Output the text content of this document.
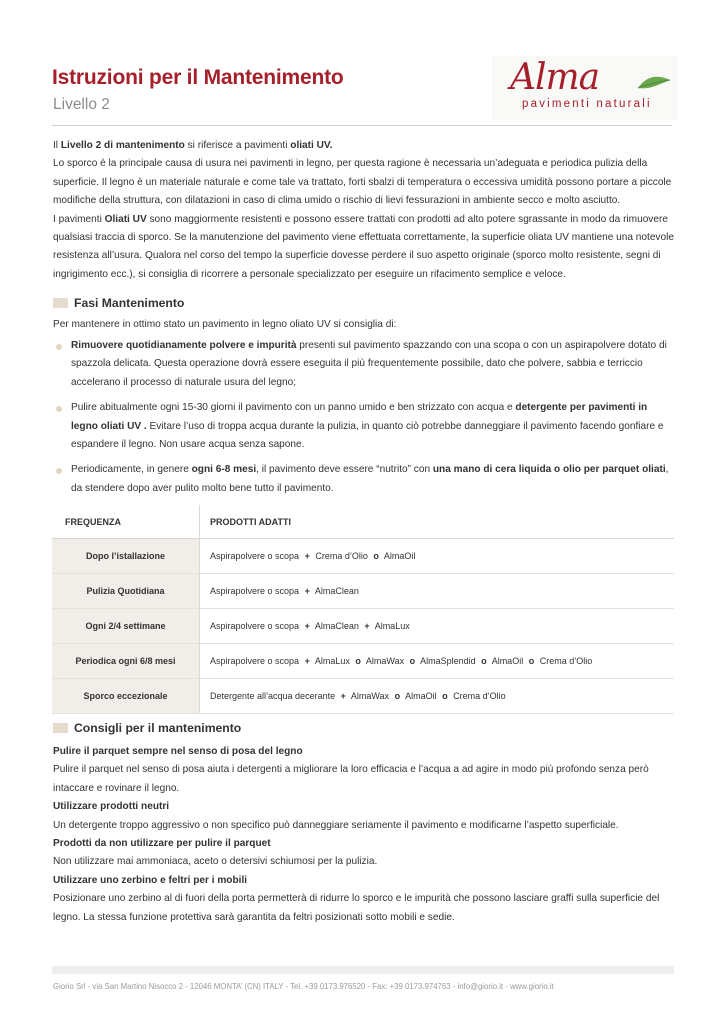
Istruzioni per il Mantenimento
Livello 2
Alma
pavimenti naturali

Il Livello 2 di mantenimento si riferisce a pavimenti oliati UV.

Lo sporco è la principale causa di usura nei pavimenti in legno, per questa ragione è necessaria un’adeguata e periodica pulizia della superficie. Il legno è un materiale naturale e come tale va trattato, forti sbalzi di temperatura o eccessiva umidità possono portare a piccole modifiche della struttura, con dilatazioni in caso di clima umido o rischio di lievi fessurazioni in ambiente secco e molto asciutto.

I pavimenti Oliati UV sono maggiormente resistenti e possono essere trattati con prodotti ad alto potere sgrassante in modo da rimuovere qualsiasi traccia di sporco. Se la manutenzione del pavimento viene effettuata correttamente, la superficie oliata UV mantiene una notevole resistenza all’usura. Qualora nel corso del tempo la superficie dovesse perdere il suo aspetto originale (sporco molto resistente, segni di ingrigimento ecc.), si consiglia di ricorrere a personale specializzato per eseguire un rifacimento semplice e veloce.

Fasi Mantenimento

Per mantenere in ottimo stato un pavimento in legno oliato UV si consiglia di:

Rimuovere quotidianamente polvere e impurità presenti sul pavimento spazzando con una scopa o con un aspirapolvere dotato di spazzola delicata. Questa operazione dovrà essere eseguita il più frequentemente possibile, dato che polvere, sabbia e terriccio accelerano il processo di naturale usura del legno;
Pulire abitualmente ogni 15-30 giorni il pavimento con un panno umido e ben strizzato con acqua e detergente per pavimenti in legno oliati UV . Evitare l’uso di troppa acqua durante la pulizia, in quanto ciò potrebbe danneggiare il pavimento facendo gonfiare e espandere il legno. Non usare acqua senza sapone.
Periodicamente, in genere ogni 6-8 mesi, il pavimento deve essere “nutrito” con una mano di cera liquida o olio per parquet oliati, da stendere dopo aver pulito molto bene tutto il pavimento.
FREQUENZA	PRODOTTI ADATTI
Dopo l’istallazione	Aspirapolvere o scopa + Crema d’Olio o AlmaOil
Pulizia Quotidiana	Aspirapolvere o scopa + AlmaClean
Ogni 2/4 settimane	Aspirapolvere o scopa + AlmaClean + AlmaLux
Periodica ogni 6/8 mesi	Aspirapolvere o scopa + AlmaLux o AlmaWax o AlmaSplendid o AlmaOil o Crema d’Olio
Sporco eccezionale	Detergente all’acqua decerante + AlmaWax o AlmaOil o Crema d’Olio
Consigli per il mantenimento

Pulire il parquet sempre nel senso di posa del legno

Pulire il parquet nel senso di posa aiuta i detergenti a migliorare la loro efficacia e l’acqua a ad agire in modo più profondo senza però intaccare e rovinare il legno.

Utilizzare prodotti neutri

Un detergente troppo aggressivo o non specifico può danneggiare seriamente il pavimento e modificarne l’aspetto superficiale.

Prodotti da non utilizzare per pulire il parquet

Non utilizzare mai ammoniaca, aceto o detersivi schiumosi per la pulizia.

Utilizzare uno zerbino e feltri per i mobili

Posizionare uno zerbino al di fuori della porta permetterà di ridurre lo sporco e le impurità che possono lasciare graffi sulla superficie del legno. La stessa funzione protettiva sarà garantita da feltri posizionati sotto mobili e sedie.

Giorio Srl - via San Martino Nisocco 2 - 12046 MONTA’ (CN) ITALY - Tel. +39 0173.976520 - Fax: +39 0173.974763 - info@giorio.it - www.giorio.it
